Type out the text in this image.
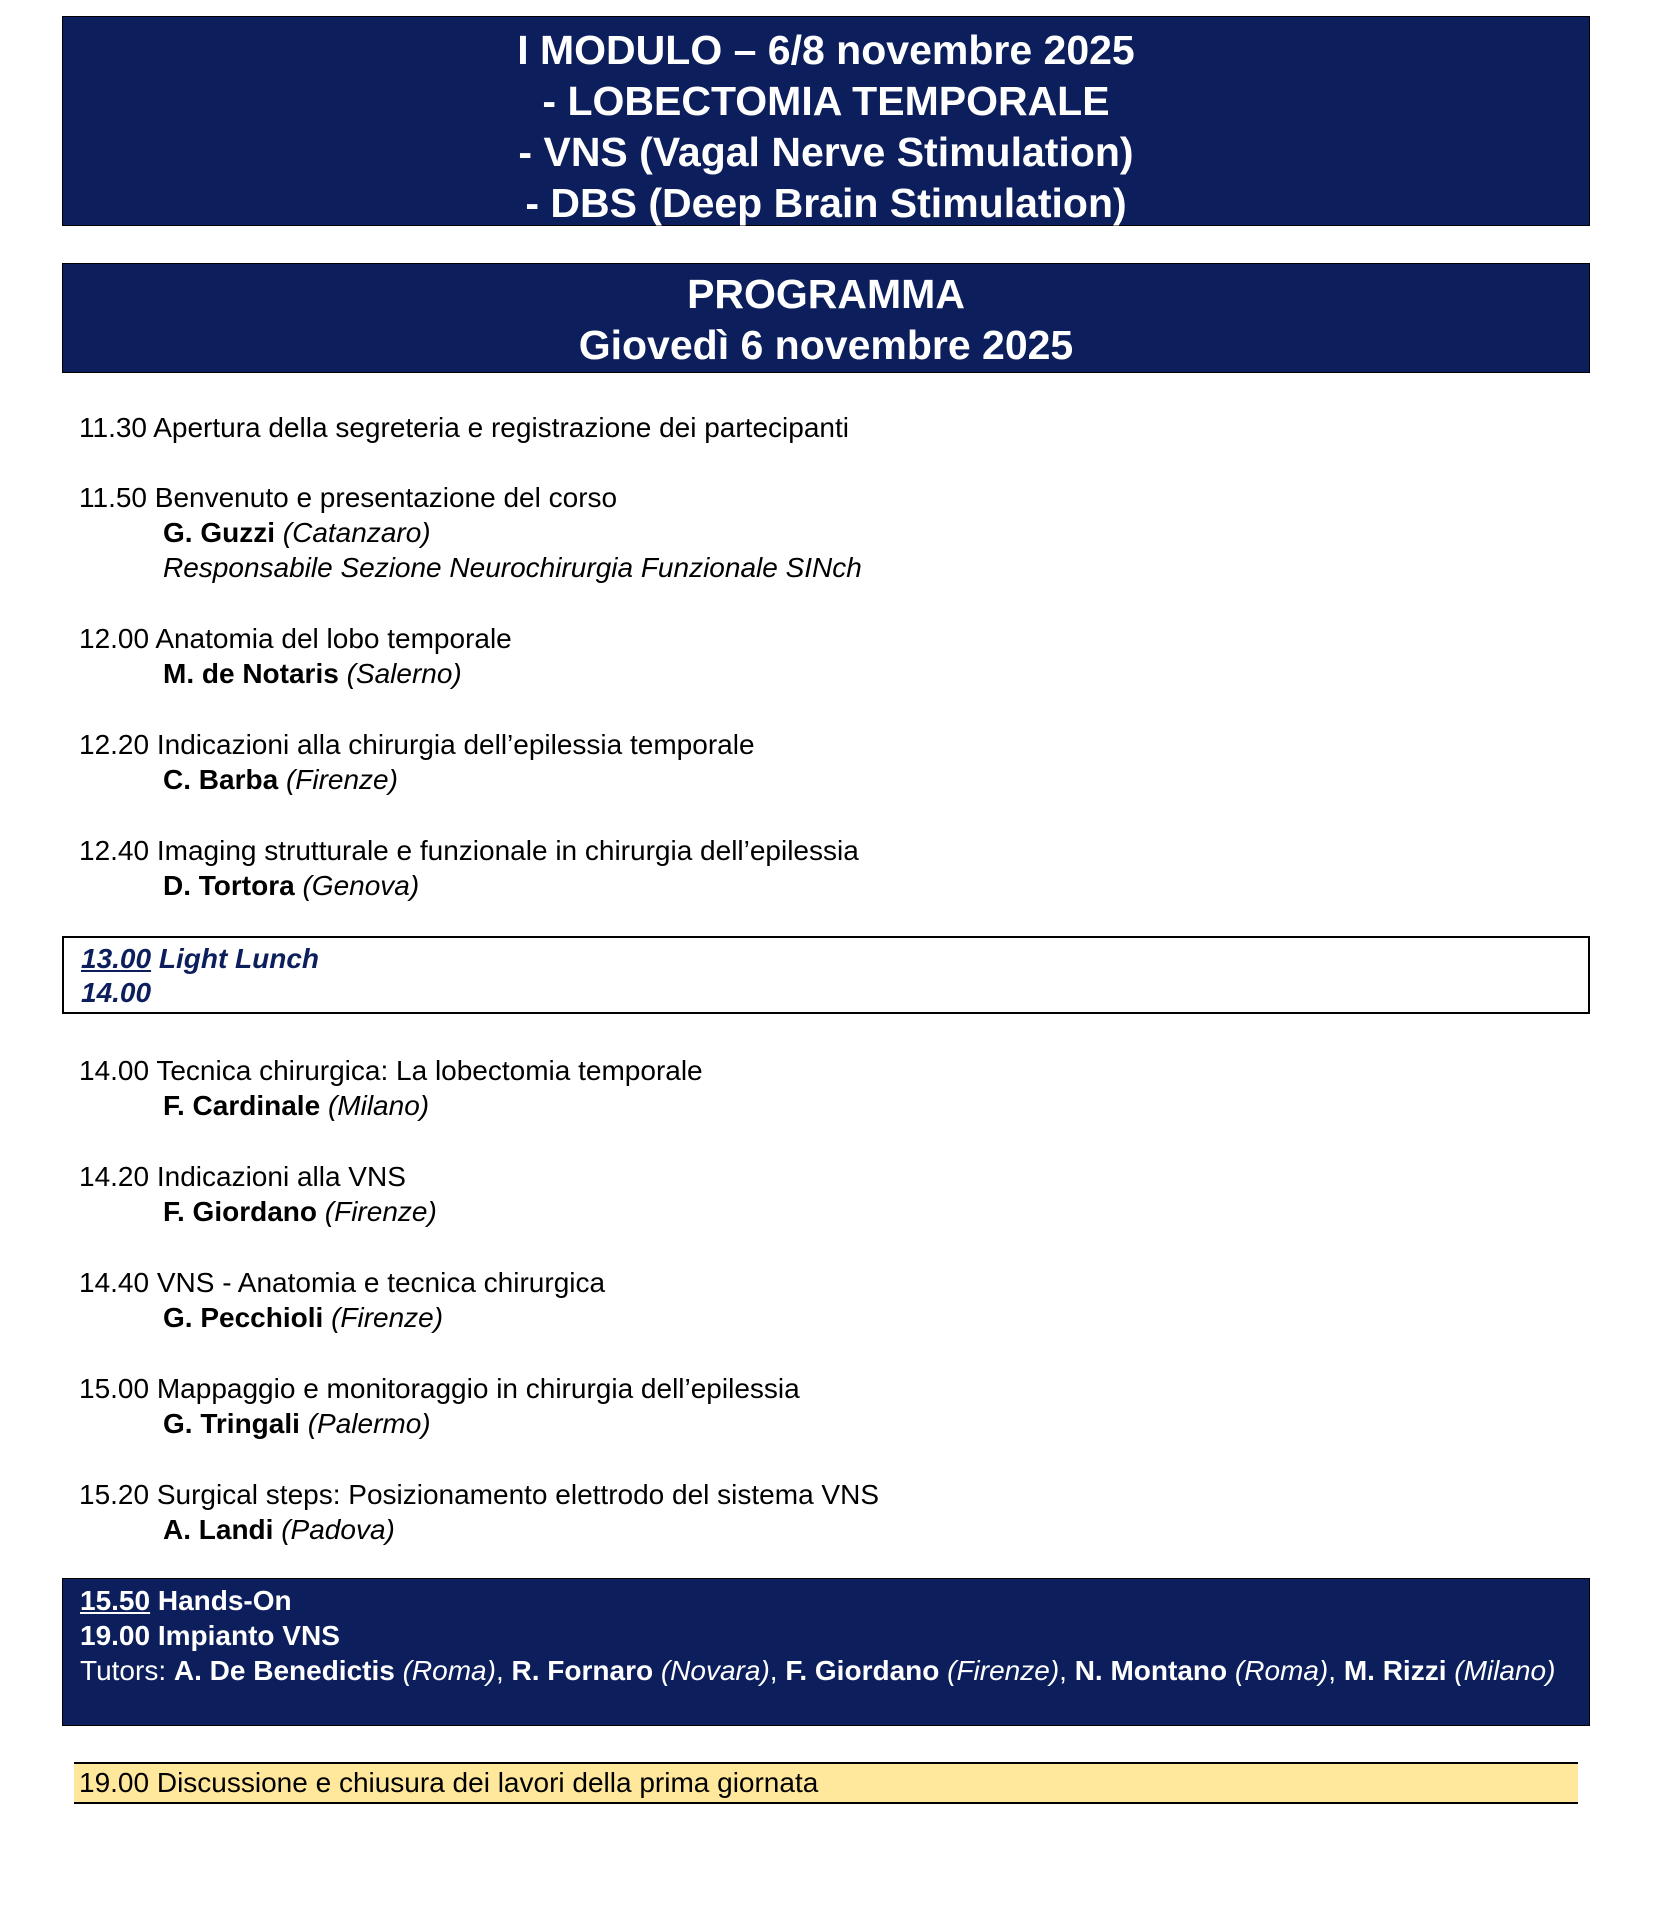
I MODULO – 6/8 novembre 2025
- LOBECTOMIA TEMPORALE
- VNS (Vagal Nerve Stimulation)
- DBS (Deep Brain Stimulation)
PROGRAMMA
Giovedì 6 novembre 2025
11.30 Apertura della segreteria e registrazione dei partecipanti
11.50 Benvenuto e presentazione del corso
G. Guzzi (Catanzaro)
Responsabile Sezione Neurochirurgia Funzionale SINch
12.00 Anatomia del lobo temporale
M. de Notaris (Salerno)
12.20 Indicazioni alla chirurgia dell’epilessia temporale
C. Barba (Firenze)
12.40 Imaging strutturale e funzionale in chirurgia dell’epilessia
D. Tortora (Genova)
13.00 Light Lunch
14.00
14.00 Tecnica chirurgica: La lobectomia temporale
F. Cardinale (Milano)
14.20 Indicazioni alla VNS
F. Giordano (Firenze)
14.40 VNS - Anatomia e tecnica chirurgica
G. Pecchioli (Firenze)
15.00 Mappaggio e monitoraggio in chirurgia dell’epilessia
G. Tringali (Palermo)
15.20 Surgical steps: Posizionamento elettrodo del sistema VNS
A. Landi (Padova)
15.50 Hands-On
19.00 Impianto VNS
Tutors: A. De Benedictis (Roma), R. Fornaro (Novara), F. Giordano (Firenze), N. Montano (Roma), M. Rizzi (Milano)
19.00 Discussione e chiusura dei lavori della prima giornata
